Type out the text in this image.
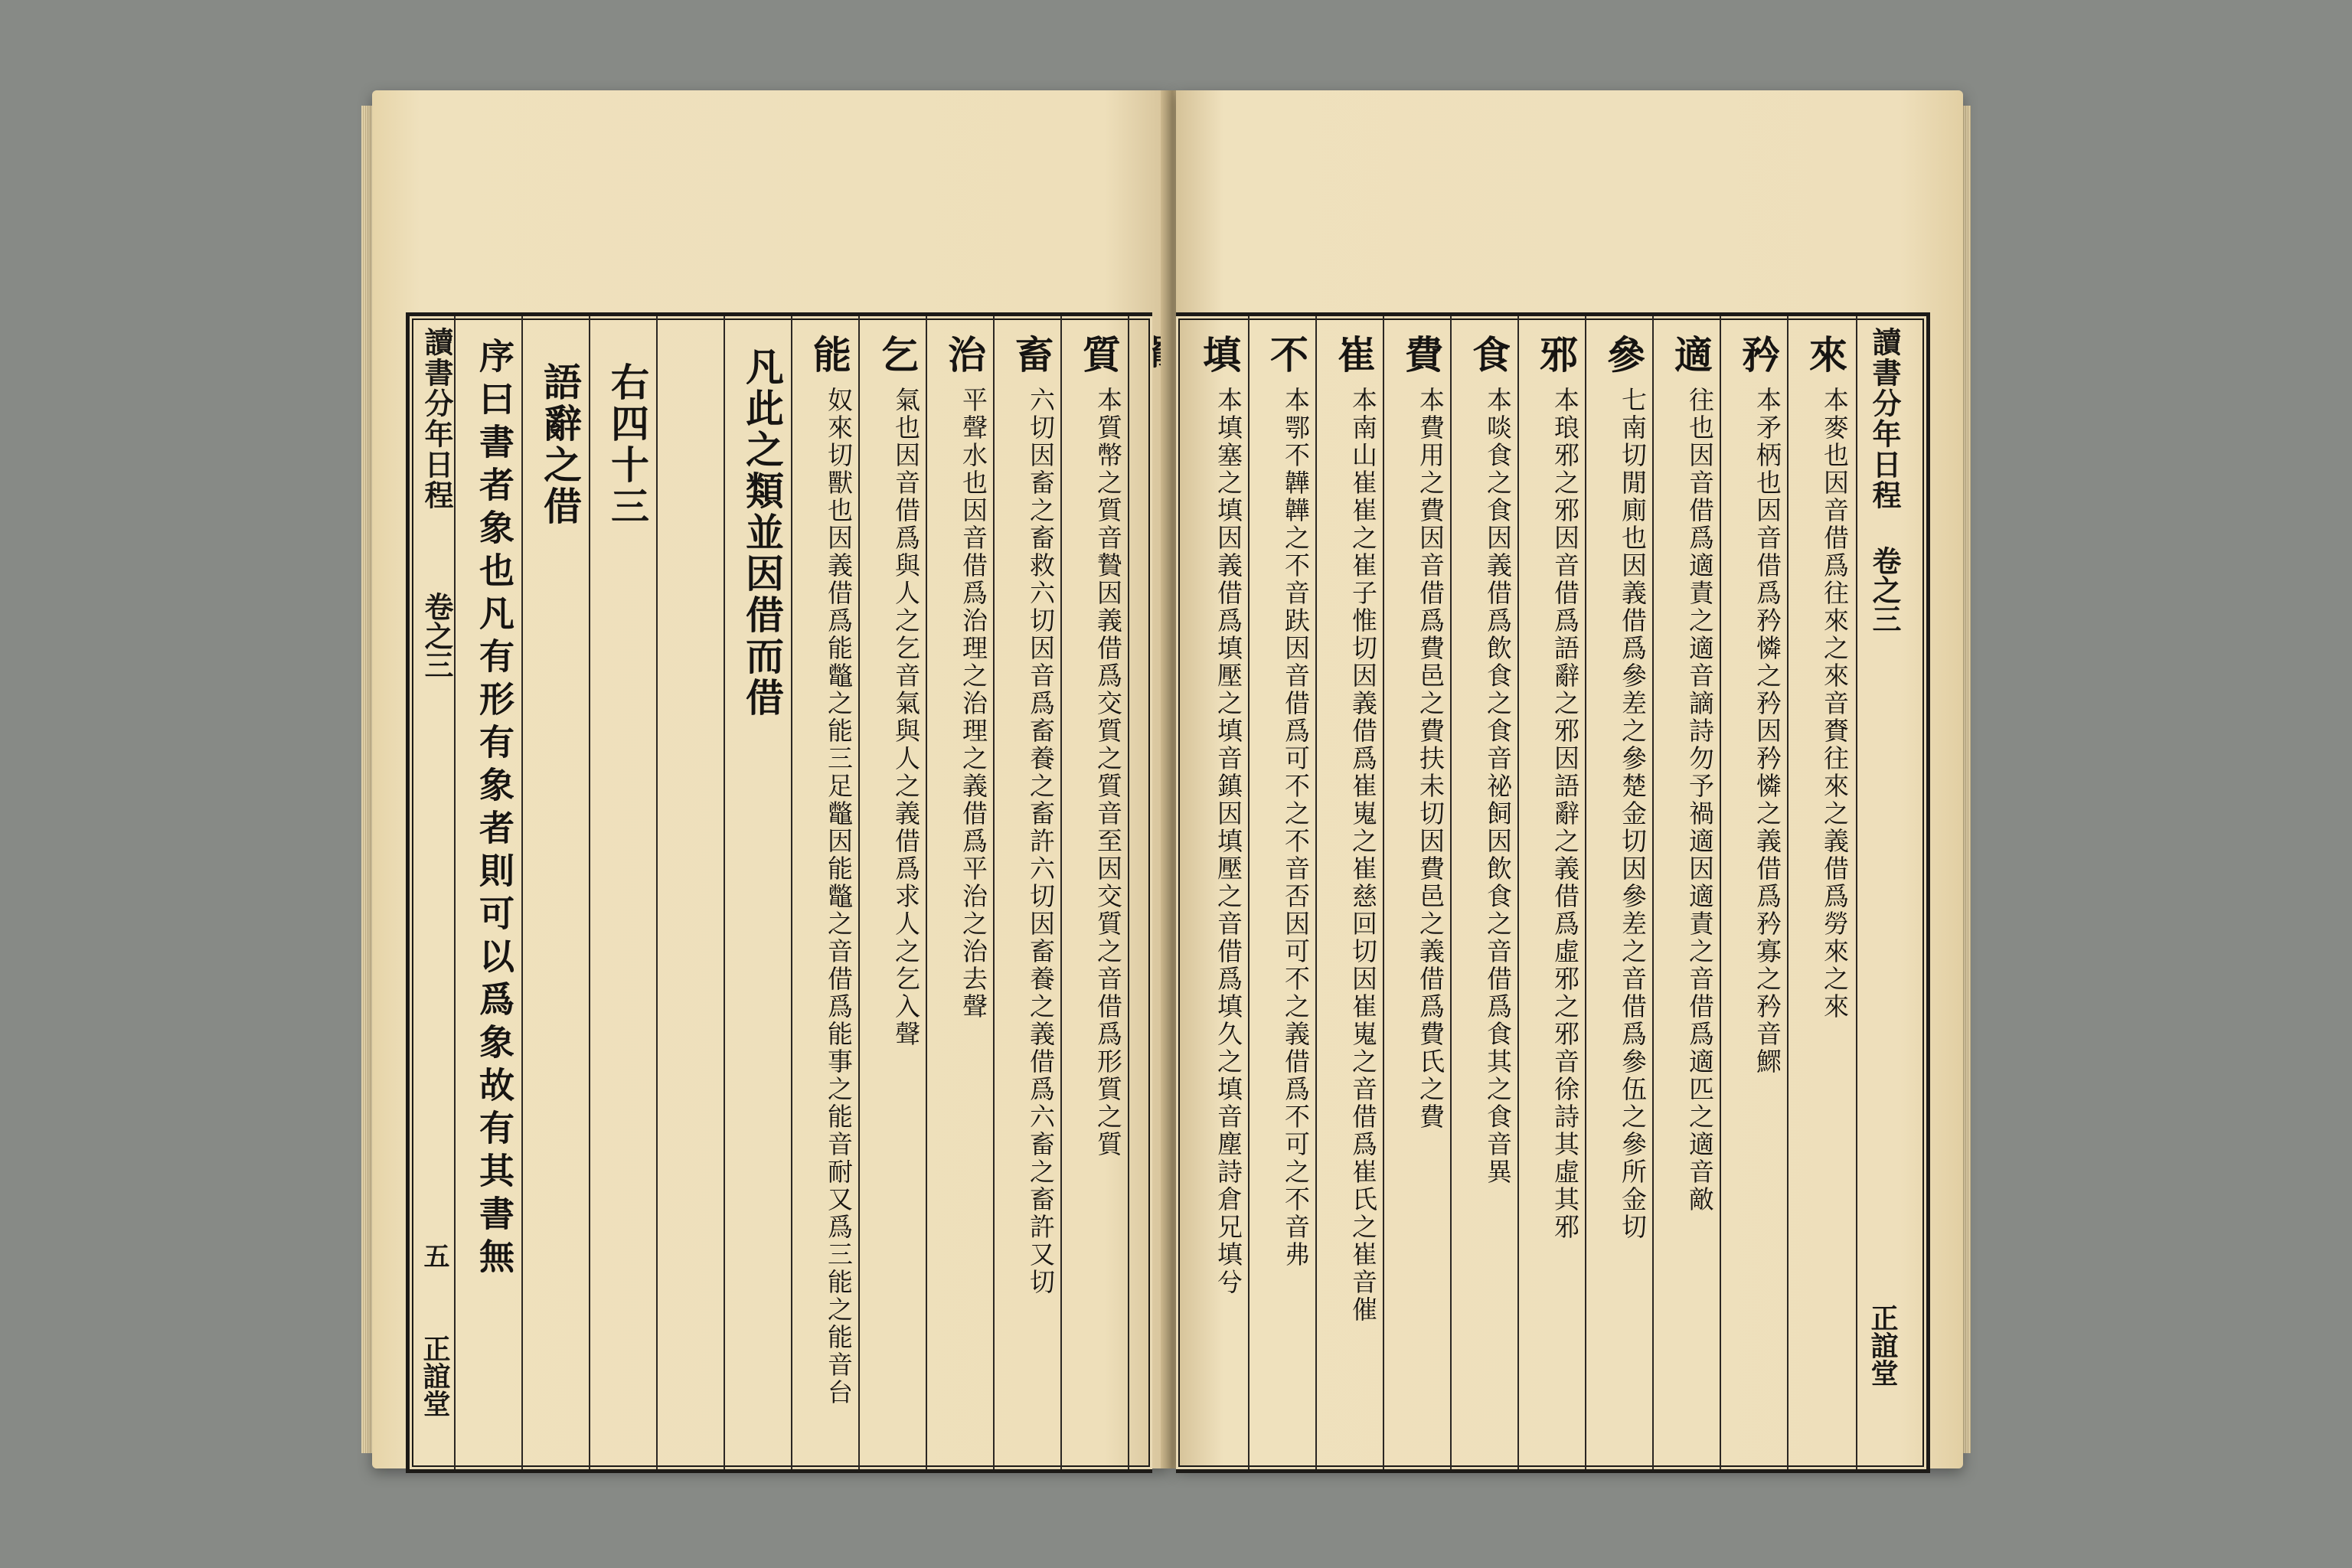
讀書分年日程
卷之三
五
正誼堂
序曰書者象也凡有形有象者則可以爲象故有其書無 語辭之借 右四十三 凡此之類並因借而借 能
奴來切獸也因義借爲能鼈之能三足鼈因能鼈之音借爲能事之能音耐又爲三能之能音台
乞
氣也因音借爲與人之乞音氣與人之義借爲求人之乞入聲
治
平聲水也因音借爲治理之治理之義借爲平治之治去聲
畜
六切因畜之畜救六切因音爲畜養之畜許六切因畜養之義借爲六畜之畜許又切
質
本質幣之質音贄因義借爲交質之質音至因交質之音借爲形質之質
填
本填塞之填因義借爲填壓之填音鎮因填壓之音借爲填久之填音塵詩倉兄填兮
不
本鄂不韡韡之不音趺因音借爲可不之不音否因可不之義借爲不可之不音弗
崔
本南山崔崔之崔子惟切因義借爲崔嵬之崔慈回切因崔嵬之音借爲崔氏之崔音催
費
本費用之費因音借爲費邑之費扶未切因費邑之義借爲費氏之費
食
本啖食之食因義借爲飲食之食音祕飼因飲食之音借爲食其之食音異
邪
本琅邪之邪因音借爲語辭之邪因語辭之義借爲虛邪之邪音徐詩其虛其邪
參
七南切閒廁也因義借爲參差之參楚金切因參差之音借爲參伍之參所金切
適
往也因音借爲適責之適音謫詩勿予禍適因適責之音借爲適匹之適音敵
矜
本矛柄也因音借爲矜憐之矜因矜憐之義借爲矜寡之矜音鰥
來
本麥也因音借爲往來之來音賚往來之義借爲勞來之來 讀書分年日程
卷之三
正誼堂
